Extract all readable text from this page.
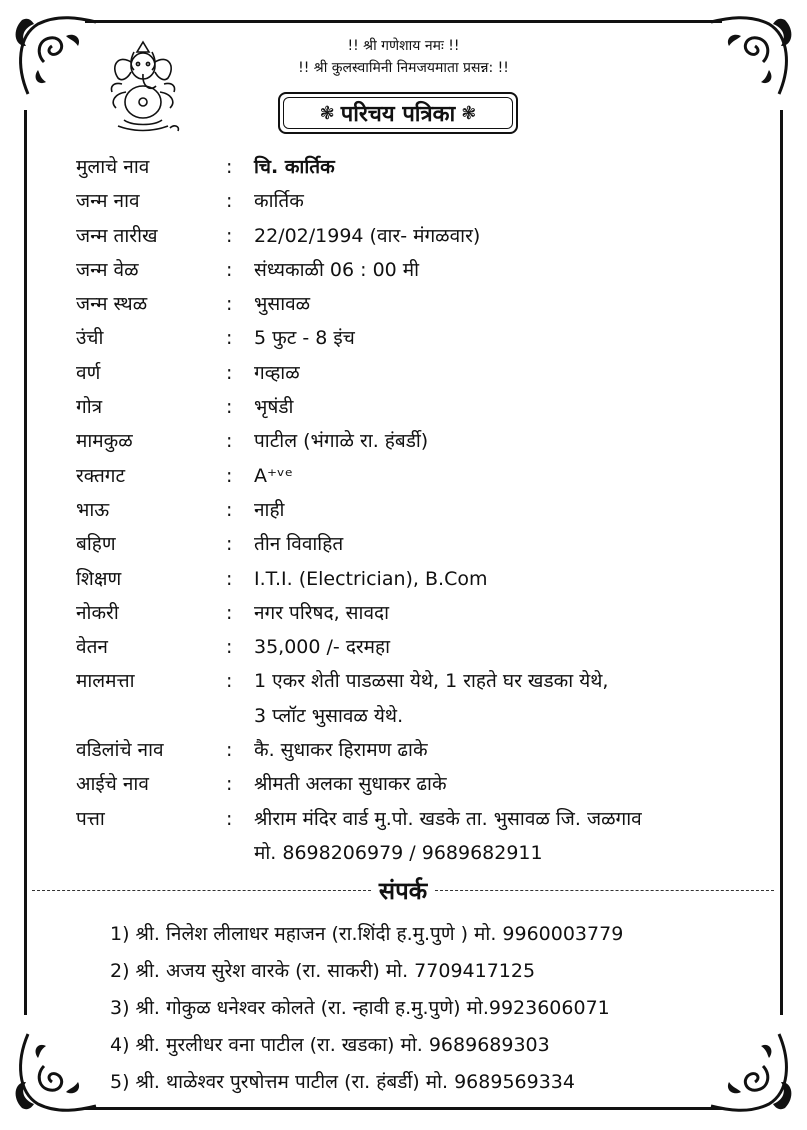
!! श्री गणेशाय नमः !!
!! श्री कुलस्वामिनी निमजयमाता प्रसन्न: !!
❃ परिचय पत्रिका ❃
मुलाचे नाव	:	चि. कार्तिक
जन्म नाव	:	कार्तिक
जन्म तारीख	:	22/02/1994 (वार- मंगळवार)
जन्म वेळ	:	संध्यकाळी 06 : 00 मी
जन्म स्थळ	:	भुसावळ
उंची	:	5 फुट - 8 इंच
वर्ण	:	गव्हाळ
गोत्र	:	भृषंडी
मामकुळ	:	पाटील (भंगाळे रा. हंबर्डी)
रक्तगट	:	A⁺ᵛᵉ
भाऊ	:	नाही
बहिण	:	तीन विवाहित
शिक्षण	:	I.T.I. (Electrician), B.Com
नोकरी	:	नगर परिषद, सावदा
वेतन	:	35,000 /- दरमहा
मालमत्ता	:	1 एकर शेती पाडळसा येथे, 1 राहते घर खडका येथे,
3 प्लॉट भुसावळ येथे.
वडिलांचे नाव	:	कै. सुधाकर हिरामण ढाके
आईचे नाव	:	श्रीमती अलका सुधाकर ढाके
पत्ता	:	श्रीराम मंदिर वार्ड मु.पो. खडके ता. भुसावळ जि. जळगाव
मो. 8698206979 / 9689682911
संपर्क
1) श्री. निलेश लीलाधर महाजन (रा.शिंदी ह.मु.पुणे ) मो. 9960003779
2) श्री. अजय सुरेश वारके (रा. साकरी) मो. 7709417125
3) श्री. गोकुळ धनेश्वर कोलते (रा. न्हावी ह.मु.पुणे) मो.9923606071
4) श्री. मुरलीधर वना पाटील (रा. खडका) मो. 9689689303
5) श्री. थाळेश्वर पुरषोत्तम पाटील (रा. हंबर्डी) मो. 9689569334
